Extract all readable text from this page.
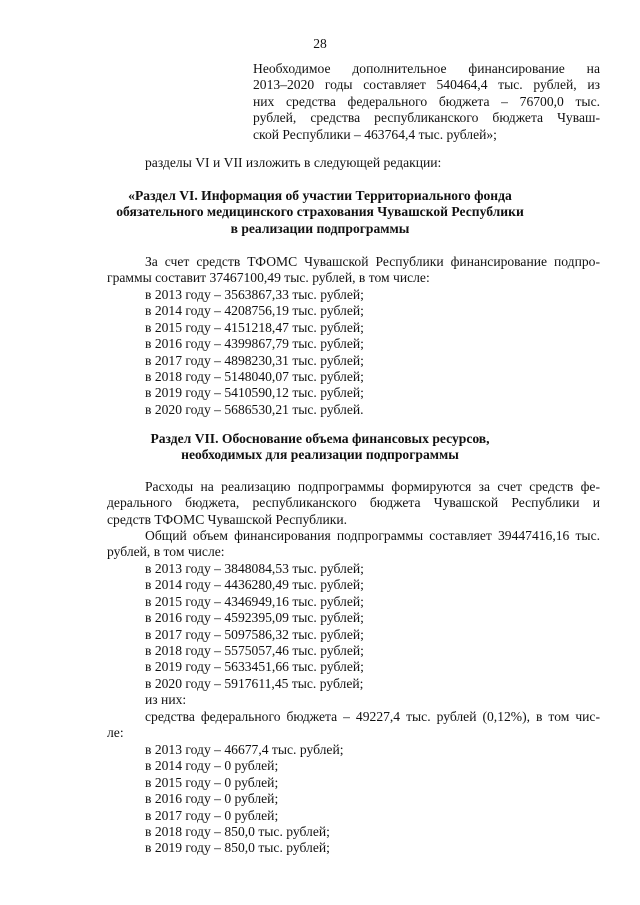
28

Необходимое дополнительное финансирование на

2013–2020 годы составляет 540464,4 тыс. рублей, из

них средства федерального бюджета – 76700,0 тыс.

рублей, средства республиканского бюджета Чуваш-

ской Республики – 463764,4 тыс. рублей»;

разделы VI и VII изложить в следующей редакции:
«Раздел VI. Информация об участии Территориального фонда
обязательного медицинского страхования Чувашской Республики
в реализации подпрограммы

За счет средств ТФОМС Чувашской Республики финансирование подпро-

граммы составит 37467100,49 тыс. рублей, в том числе:

в 2013 году – 3563867,33 тыс. рублей;
в 2014 году – 4208756,19 тыс. рублей;
в 2015 году – 4151218,47 тыс. рублей;
в 2016 году – 4399867,79 тыс. рублей;
в 2017 году – 4898230,31 тыс. рублей;
в 2018 году – 5148040,07 тыс. рублей;
в 2019 году – 5410590,12 тыс. рублей;
в 2020 году – 5686530,21 тыс. рублей.
Раздел VII. Обоснование объема финансовых ресурсов,
необходимых для реализации подпрограммы

Расходы на реализацию подпрограммы формируются за счет средств фе-

дерального бюджета, республиканского бюджета Чувашской Республики и

средств ТФОМС Чувашской Республики.

Общий объем финансирования подпрограммы составляет 39447416,16 тыс.

рублей, в том числе:

в 2013 году – 3848084,53 тыс. рублей;
в 2014 году – 4436280,49 тыс. рублей;
в 2015 году – 4346949,16 тыс. рублей;
в 2016 году – 4592395,09 тыс. рублей;
в 2017 году – 5097586,32 тыс. рублей;
в 2018 году – 5575057,46 тыс. рублей;
в 2019 году – 5633451,66 тыс. рублей;
в 2020 году – 5917611,45 тыс. рублей;
из них:

средства федерального бюджета – 49227,4 тыс. рублей (0,12%), в том чис-

ле:

в 2013 году – 46677,4 тыс. рублей;
в 2014 году – 0 рублей;
в 2015 году – 0 рублей;
в 2016 году – 0 рублей;
в 2017 году – 0 рублей;
в 2018 году – 850,0 тыс. рублей;
в 2019 году – 850,0 тыс. рублей;
